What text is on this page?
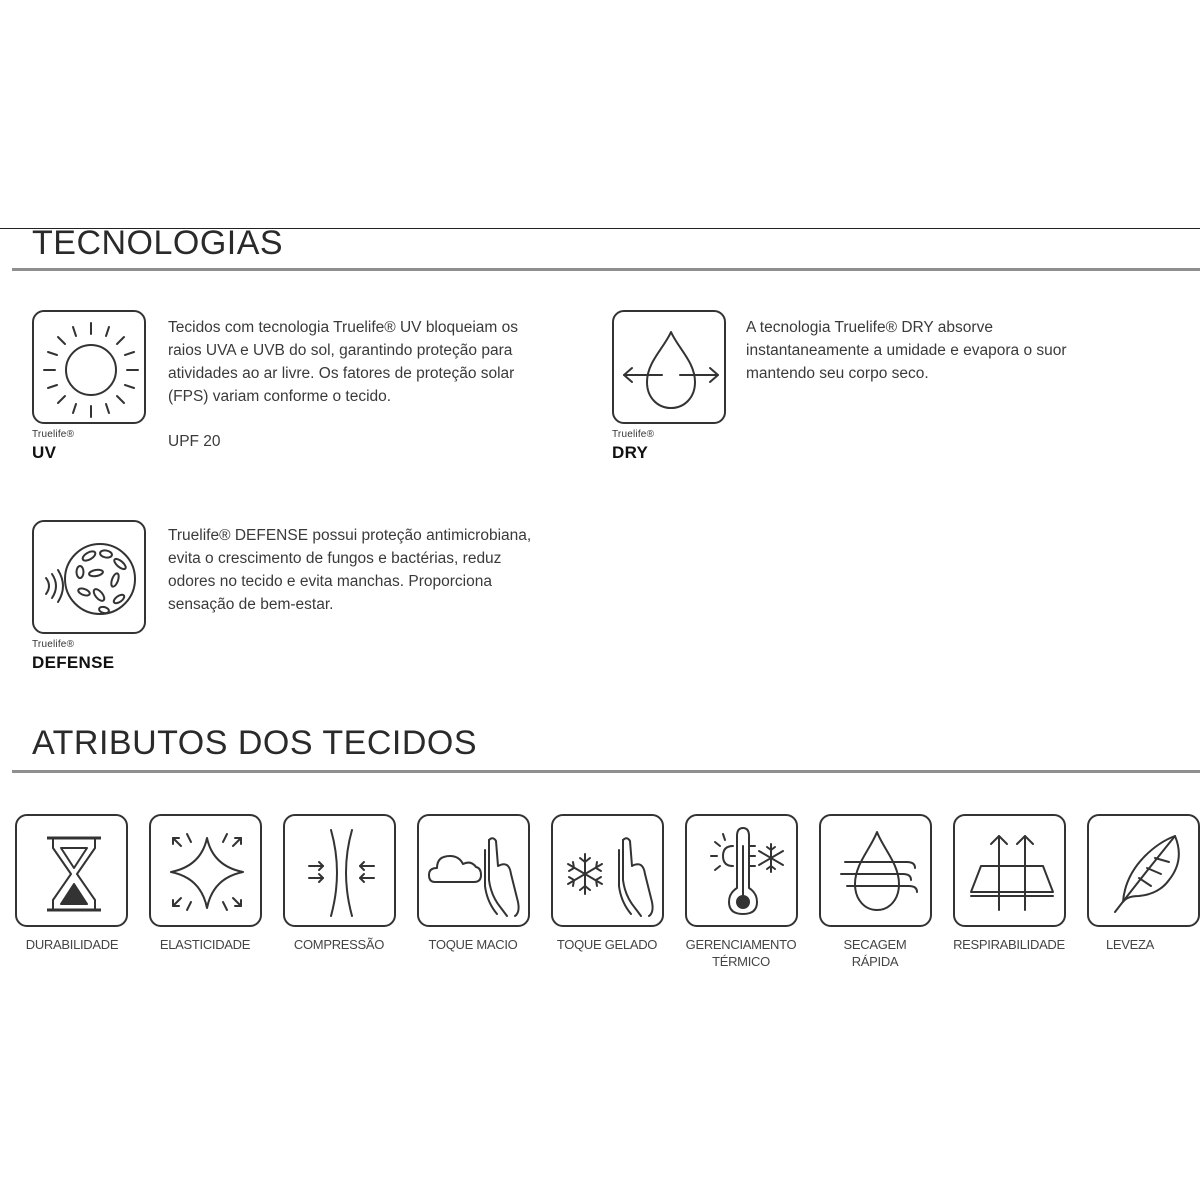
TECNOLOGIAS
Truelife®
UV
Tecidos com tecnologia Truelife® UV bloqueiam os
raios UVA e UVB do sol, garantindo proteção para
atividades ao ar livre. Os fatores de proteção solar
(FPS) variam conforme o tecido.
UPF 20	Truelife®
DRY
A tecnologia Truelife® DRY absorve
instantaneamente a umidade e evapora o suor
mantendo seu corpo seco.
Truelife®
DEFENSE
Truelife® DEFENSE possui proteção antimicrobiana,
evita o crescimento de fungos e bactérias, reduz
odores no tecido e evita manchas. Proporciona
sensação de bem-estar.
ATRIBUTOS DOS TECIDOS
DURABILIDADE	ELASTICIDADE	COMPRESSÃO	TOQUE MACIO	TOQUE GELADO	GERENCIAMENTO
TÉRMICO
SECAGEM
RÁPIDA
RESPIRABILIDADE	LEVEZA
